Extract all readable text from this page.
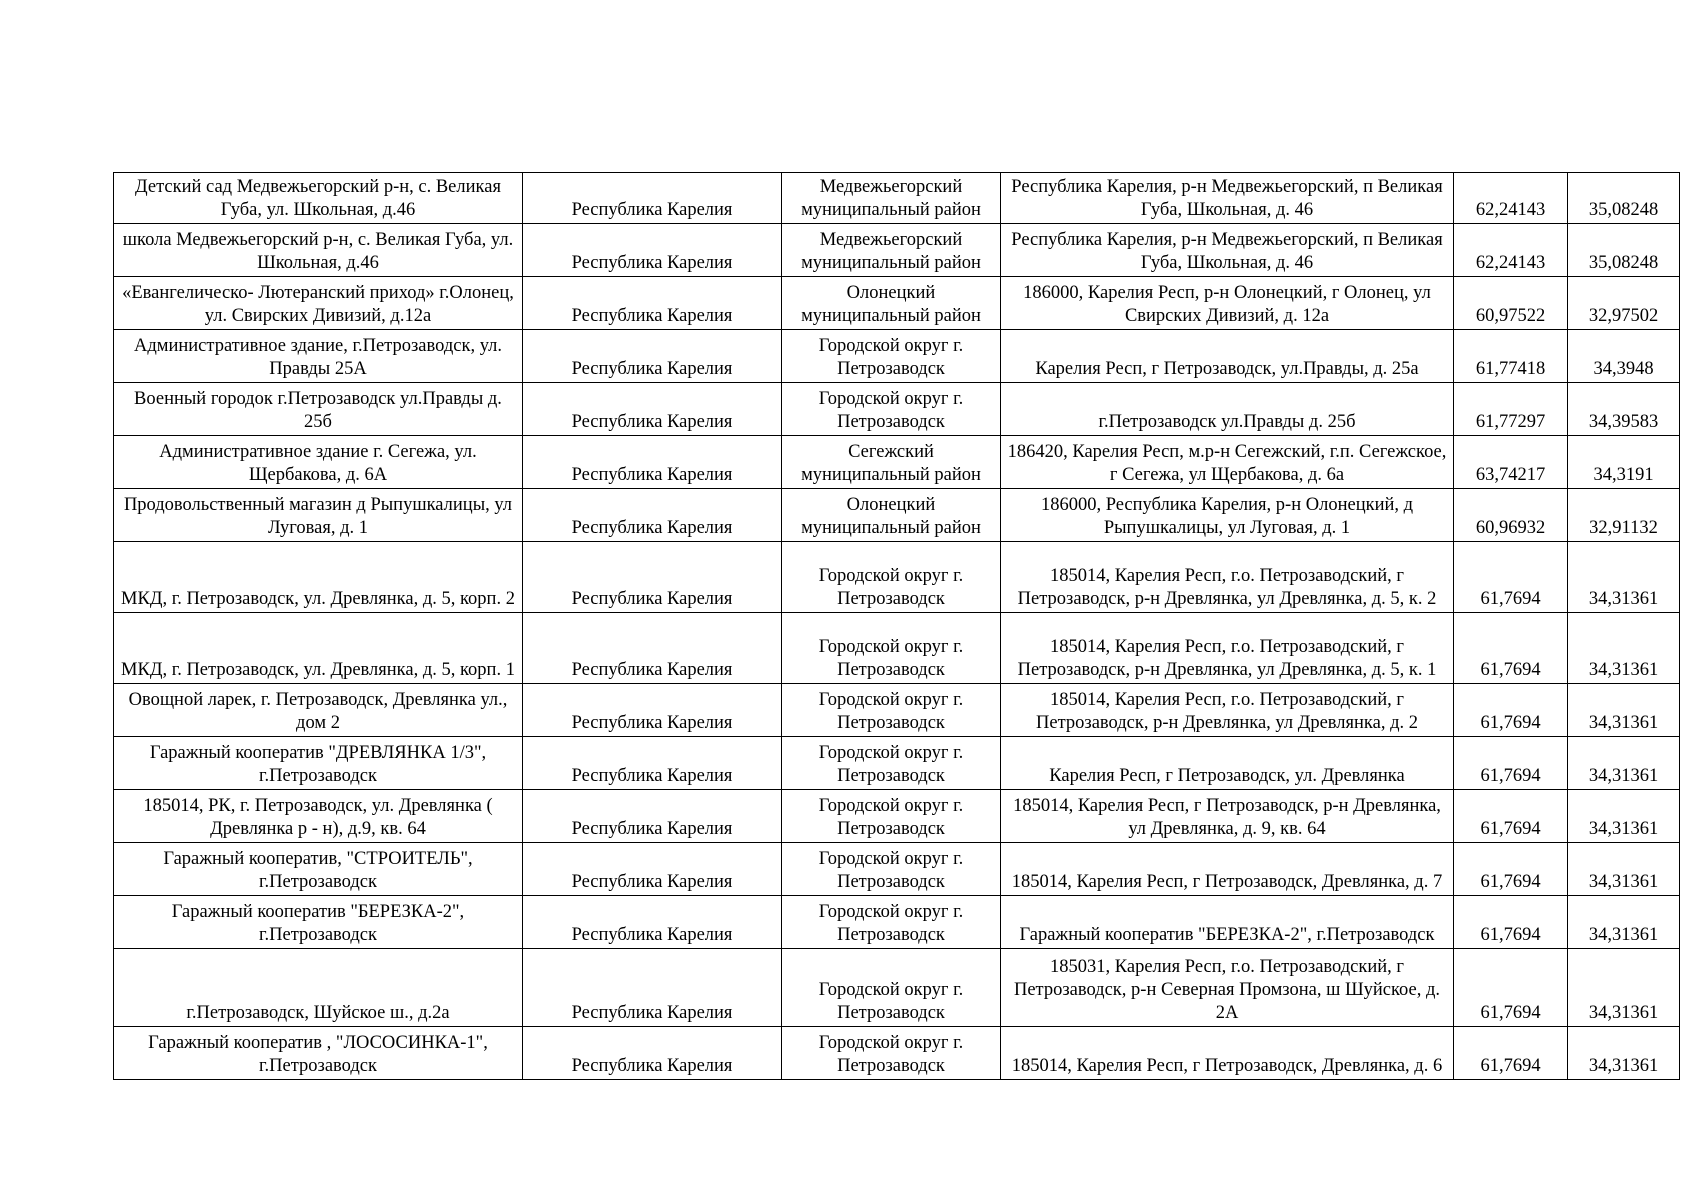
Детский сад Медвежьегорский р-н, с. Великая Губа, ул. Школьная, д.46	Республика Карелия	Медвежьегорский муниципальный район	Республика Карелия, р-н Медвежьегорский, п Великая Губа, Школьная, д. 46	62,24143	35,08248
школа Медвежьегорский р-н, с. Великая Губа, ул. Школьная, д.46	Республика Карелия	Медвежьегорский муниципальный район	Республика Карелия, р-н Медвежьегорский, п Великая Губа, Школьная, д. 46	62,24143	35,08248
«Евангелическо- Лютеранский приход» г.Олонец, ул. Свирских Дивизий, д.12а	Республика Карелия	Олонецкий муниципальный район	186000, Карелия Респ, р-н Олонецкий, г Олонец, ул Свирских Дивизий, д. 12а	60,97522	32,97502
Административное здание, г.Петрозаводск, ул. Правды 25А	Республика Карелия	Городской округ г. Петрозаводск	Карелия Респ, г Петрозаводск, ул.Правды, д. 25а	61,77418	34,3948
Военный городок г.Петрозаводск ул.Правды д. 25б	Республика Карелия	Городской округ г. Петрозаводск	г.Петрозаводск ул.Правды д. 25б	61,77297	34,39583
Административное здание г. Сегежа, ул. Щербакова, д. 6А	Республика Карелия	Сегежский муниципальный район	186420, Карелия Респ, м.р-н Сегежский, г.п. Сегежское, г Сегежа, ул Щербакова, д. 6а	63,74217	34,3191
Продовольственный магазин д Рыпушкалицы, ул Луговая, д. 1	Республика Карелия	Олонецкий муниципальный район	186000, Республика Карелия, р-н Олонецкий, д Рыпушкалицы, ул Луговая, д. 1	60,96932	32,91132
МКД, г. Петрозаводск, ул. Древлянка, д. 5, корп. 2	Республика Карелия	Городской округ г. Петрозаводск	185014, Карелия Респ, г.о. Петрозаводский, г Петрозаводск, р-н Древлянка, ул Древлянка, д. 5, к. 2	61,7694	34,31361
МКД, г. Петрозаводск, ул. Древлянка, д. 5, корп. 1	Республика Карелия	Городской округ г. Петрозаводск	185014, Карелия Респ, г.о. Петрозаводский, г Петрозаводск, р-н Древлянка, ул Древлянка, д. 5, к. 1	61,7694	34,31361
Овощной ларек, г. Петрозаводск, Древлянка ул., дом 2	Республика Карелия	Городской округ г. Петрозаводск	185014, Карелия Респ, г.о. Петрозаводский, г Петрозаводск, р-н Древлянка, ул Древлянка, д. 2	61,7694	34,31361
Гаражный кооператив "ДРЕВЛЯНКА 1/3", г.Петрозаводск	Республика Карелия	Городской округ г. Петрозаводск	Карелия Респ, г Петрозаводск, ул. Древлянка	61,7694	34,31361
185014, РК, г. Петрозаводск, ул. Древлянка ( Древлянка р - н), д.9, кв. 64	Республика Карелия	Городской округ г. Петрозаводск	185014, Карелия Респ, г Петрозаводск, р-н Древлянка, ул Древлянка, д. 9, кв. 64	61,7694	34,31361
Гаражный кооператив, "СТРОИТЕЛЬ", г.Петрозаводск	Республика Карелия	Городской округ г. Петрозаводск	185014, Карелия Респ, г Петрозаводск, Древлянка, д. 7	61,7694	34,31361
Гаражный кооператив "БЕРЕЗКА-2", г.Петрозаводск	Республика Карелия	Городской округ г. Петрозаводск	Гаражный кооператив "БЕРЕЗКА-2", г.Петрозаводск	61,7694	34,31361
г.Петрозаводск, Шуйское ш., д.2а	Республика Карелия	Городской округ г. Петрозаводск	185031, Карелия Респ, г.о. Петрозаводский, г Петрозаводск, р-н Северная Промзона, ш Шуйское, д. 2А	61,7694	34,31361
Гаражный кооператив , "ЛОСОСИНКА-1", г.Петрозаводск	Республика Карелия	Городской округ г. Петрозаводск	185014, Карелия Респ, г Петрозаводск, Древлянка, д. 6	61,7694	34,31361
